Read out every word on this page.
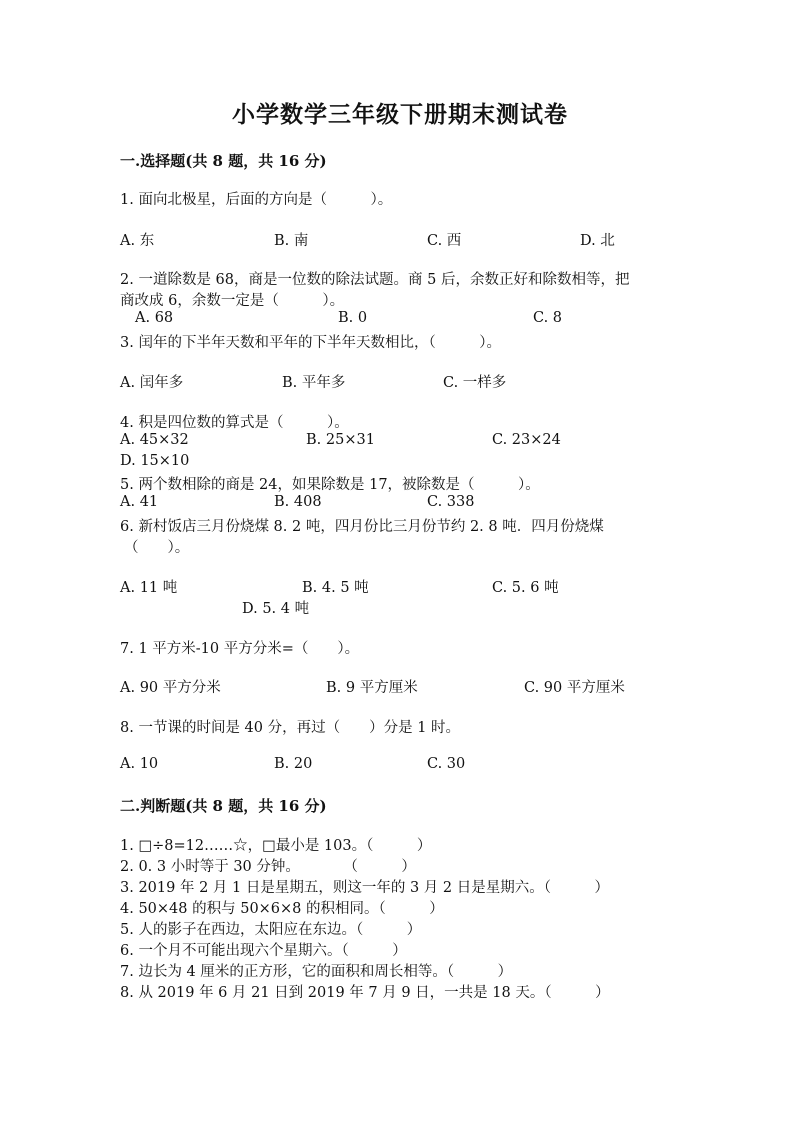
小学数学三年级下册期末测试卷
一.选择题(共 8 题，共 16 分)
1. 面向北极星，后面的方向是（　　　）。
A. 东	B. 南	C. 西	D. 北
2. 一道除数是 68，商是一位数的除法试题。商 5 后，余数正好和除数相等，把
商改成 6，余数一定是（　　　）。
A. 68	B. 0	C. 8
3. 闰年的下半年天数和平年的下半年天数相比，（　　　）。
A. 闰年多	B. 平年多	C. 一样多
4. 积是四位数的算式是（　　　）。
A. 45×32	B. 25×31	C. 23×24
D. 15×10
5. 两个数相除的商是 24，如果除数是 17，被除数是（　　　）。
A. 41	B. 408	C. 338
6. 新村饭店三月份烧煤 8. 2 吨，四月份比三月份节约 2. 8 吨．四月份烧煤
（　　）。
A. 11 吨	B. 4. 5 吨	C. 5. 6 吨
D. 5. 4 吨
7. 1 平方米-10 平方分米=（　　）。
A. 90 平方分米	B. 9 平方厘米	C. 90 平方厘米
8. 一节课的时间是 40 分，再过（　　）分是 1 时。
A. 10	B. 20	C. 30
二.判断题(共 8 题，共 16 分)
1. □÷8=12……☆，□最小是 103。（　　　）
2. 0. 3 小时等于 30 分钟。　　　　（　　　）
3. 2019 年 2 月 1 日是星期五，则这一年的 3 月 2 日是星期六。（　　　）
4. 50×48 的积与 50×6×8 的积相同。（　　　）
5. 人的影子在西边，太阳应在东边。（　　　）
6. 一个月不可能出现六个星期六。（　　　）
7. 边长为 4 厘米的正方形，它的面积和周长相等。（　　　）
8. 从 2019 年 6 月 21 日到 2019 年 7 月 9 日，一共是 18 天。（　　　）
